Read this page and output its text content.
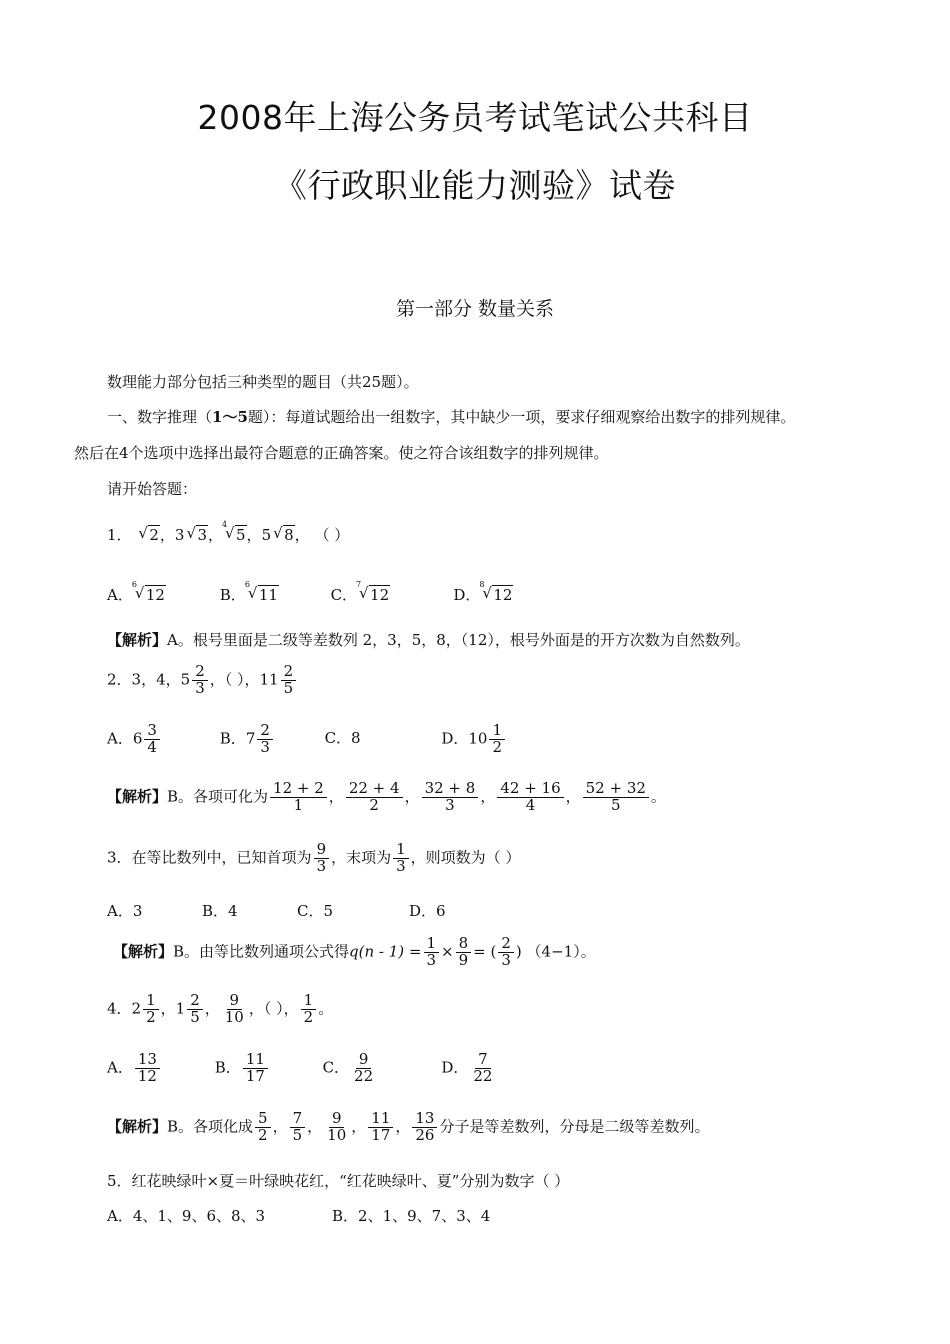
2008年上海公务员考试笔试公共科目
《行政职业能力测验》试卷
第一部分 数量关系
数理能力部分包括三种类型的题目（共25题）。
一、数字推理（1～5题）：每道试题给出一组数字，其中缺少一项，要求仔细观察给出数字的排列规律。
然后在4个选项中选择出最符合题意的正确答案。使之符合该组数字的排列规律。
请开始答题：
1． √ 2，3 √ 3，
4
√ 5，5 √ 8， （ ）
A．
6
√ 12	B．
6
√ 11	C．
7
√ 12	D．
8
√ 12
【解析】A。根号里面是二级等差数列 2，3，5，8，（12），根号外面是的开方次数为自然数列。
2．3，4，$5 \frac{2}{3}$ ，（ ），$11 \frac{2}{5}$
A．$6 \frac{3}{4}$	B．$7 \frac{2}{3}$	C．8	D．$10 \frac{1}{2}$
【解析】B。各项可化为 $\frac{12 + 2}{1}$ ， $\frac{22 + 4}{2}$ ， $\frac{32 + 8}{3}$ ， $\frac{42 + 16}{4}$ ， $\frac{52 + 32}{5}$ 。
3．在等比数列中，已知首项为 $\frac{9}{3}$ ，末项为 $\frac{1}{3}$ ，则项数为（ ）
A．3	B．4	C．5	D．6
【解析】B。由等比数列通项公式得$q(n - 1) = \frac{1}{3} \times \frac{8}{9}$ = ( $\frac{2}{3}$ ) （4−1）。
4．$2 \frac{1}{2}$ ，$1 \frac{2}{5}$ ， $\frac{9}{10}$ ，（ ）， $\frac{1}{2}$ 。
A． $\frac{13}{12}$	B． $\frac{11}{17}$	C． $\frac{9}{22}$	D． $\frac{7}{22}$
【解析】B。各项化成 $\frac{5}{2}$ ， $\frac{7}{5}$ ， $\frac{9}{10}$ ， $\frac{11}{17}$ ， $\frac{13}{26}$ 分子是等差数列，分母是二级等差数列。
5．红花映绿叶×夏＝叶绿映花红，“红花映绿叶、夏”分别为数字（ ）
A．4、1、9、6、8、3	B．2、1、9、7、3、4
